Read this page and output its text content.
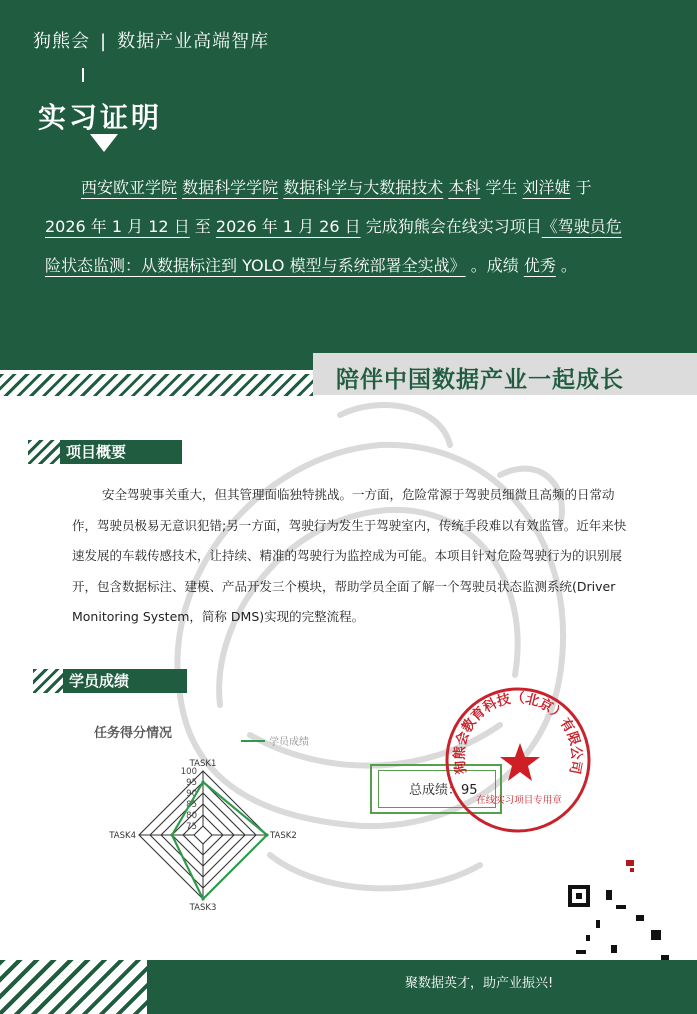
狗熊会 | 数据产业高端智库
实习证明
西安欧亚学院 数据科学学院 数据科学与大数据技术 本科 学生 刘洋婕 于 2026 年 1 月 12 日 至 2026 年 1 月 26 日 完成狗熊会在线实习项目《驾驶员危险状态监测：从数据标注到 YOLO 模型与系统部署全实战》 。成绩 优秀 。
陪伴中国数据产业一起成长
项目概要
安全驾驶事关重大，但其管理面临独特挑战。一方面，危险常源于驾驶员细微且高频的日常动作，驾驶员极易无意识犯错;另一方面，驾驶行为发生于驾驶室内，传统手段难以有效监管。近年来快速发展的车载传感技术，让持续、精准的驾驶行为监控成为可能。本项目针对危险驾驶行为的识别展开，包含数据标注、建模、产品开发三个模块，帮助学员全面了解一个驾驶员状态监测系统(Driver Monitoring System，简称 DMS)实现的完整流程。
学员成绩
任务得分情况
学员成绩
100
95
90
85
80
75
TASK1
TASK2
TASK3
TASK4
总成绩：95
狗熊会教育科技（北京）有限公司
在线实习项目专用章
聚数据英才，助产业振兴!
